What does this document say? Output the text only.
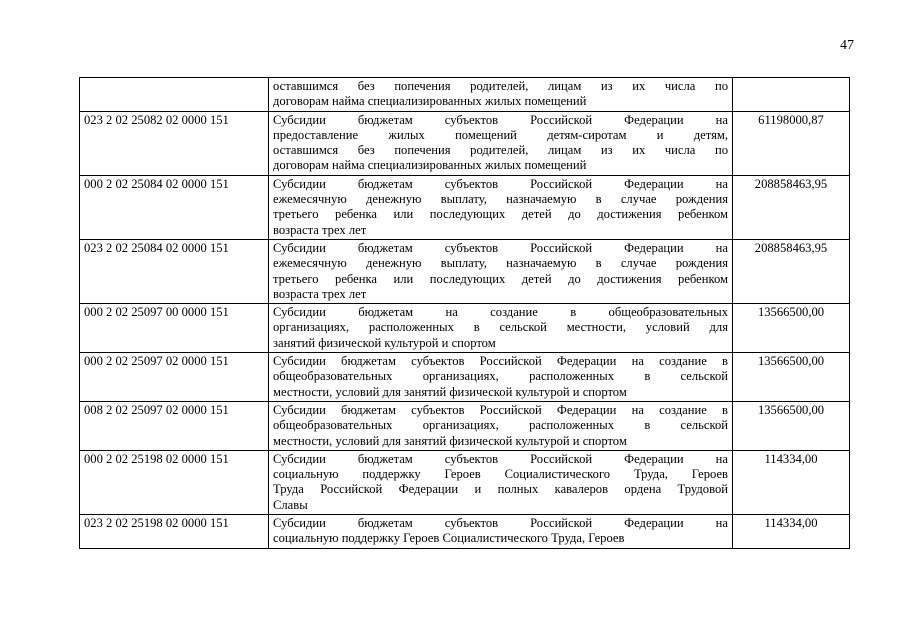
47

	оставшимся без попечения родителей, лицам из их числа по
договорам найма специализированных жилых помещений	

023 2 02 25082 02 0000 151	Субсидии бюджетам субъектов Российской Федерации на
предоставление жилых помещений детям-сиротам и детям,
оставшимся без попечения родителей, лицам из их числа по
договорам найма специализированных жилых помещений	61198000,87
000 2 02 25084 02 0000 151	Субсидии бюджетам субъектов Российской Федерации на
ежемесячную денежную выплату, назначаемую в случае рождения
третьего ребенка или последующих детей до достижения ребенком
возраста трех лет	208858463,95
023 2 02 25084 02 0000 151	Субсидии бюджетам субъектов Российской Федерации на
ежемесячную денежную выплату, назначаемую в случае рождения
третьего ребенка или последующих детей до достижения ребенком
возраста трех лет	208858463,95
000 2 02 25097 00 0000 151	Субсидии бюджетам на создание в общеобразовательных
организациях, расположенных в сельской местности, условий для
занятий физической культурой и спортом	13566500,00
000 2 02 25097 02 0000 151	Субсидии бюджетам субъектов Российской Федерации на создание в
общеобразовательных организациях, расположенных в сельской
местности, условий для занятий физической культурой и спортом	13566500,00
008 2 02 25097 02 0000 151	Субсидии бюджетам субъектов Российской Федерации на создание в
общеобразовательных организациях, расположенных в сельской
местности, условий для занятий физической культурой и спортом	13566500,00
000 2 02 25198 02 0000 151	Субсидии бюджетам субъектов Российской Федерации на
социальную поддержку Героев Социалистического Труда, Героев
Труда Российской Федерации и полных кавалеров ордена Трудовой
Славы	114334,00
023 2 02 25198 02 0000 151	Субсидии бюджетам субъектов Российской Федерации на
социальную поддержку Героев Социалистического Труда, Героев	114334,00
